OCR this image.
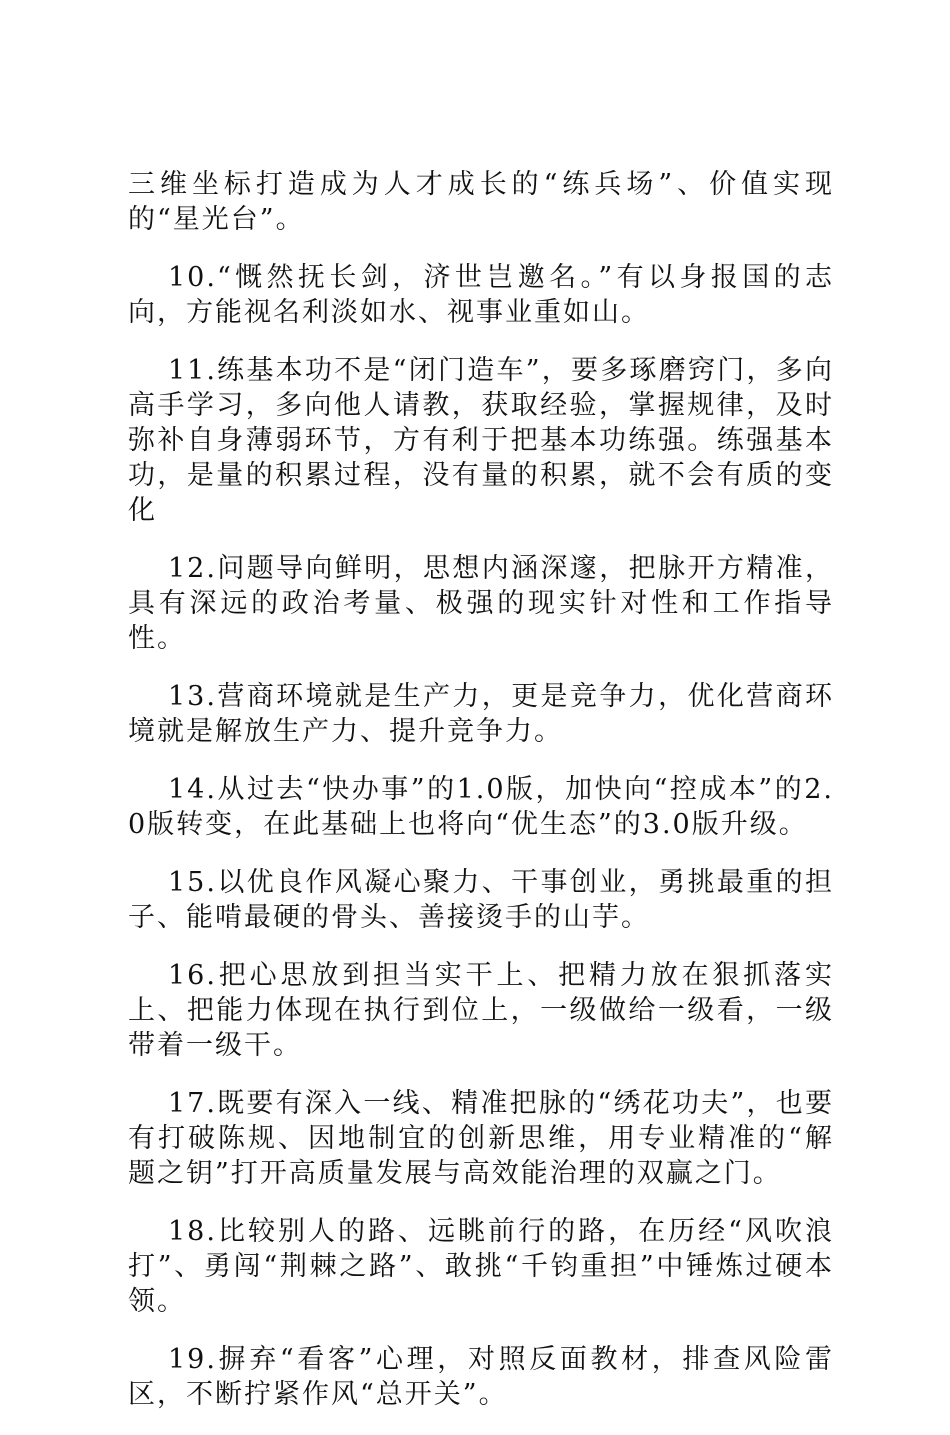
三维坐标打造成为人才成长的“练兵场”、价值实现的“星光台”。

10.“慨然抚长剑，济世岂邀名。”有以身报国的志向，方能视名利淡如水、视事业重如山。

11.练基本功不是“闭门造车”，要多琢磨窍门，多向高手学习，多向他人请教，获取经验，掌握规律，及时弥补自身薄弱环节，方有利于把基本功练强。练强基本功，是量的积累过程，没有量的积累，就不会有质的变化

12.问题导向鲜明，思想内涵深邃，把脉开方精准，具有深远的政治考量、极强的现实针对性和工作指导性。

13.营商环境就是生产力，更是竞争力，优化营商环境就是解放生产力、提升竞争力。

14.从过去“快办事”的1.0版，加快向“控成本”的2.0版转变，在此基础上也将向“优生态”的3.0版升级。

15.以优良作风凝心聚力、干事创业，勇挑最重的担子、能啃最硬的骨头、善接烫手的山芋。

16.把心思放到担当实干上、把精力放在狠抓落实上、把能力体现在执行到位上，一级做给一级看，一级带着一级干。

17.既要有深入一线、精准把脉的“绣花功夫”，也要有打破陈规、因地制宜的创新思维，用专业精准的“解题之钥”打开高质量发展与高效能治理的双赢之门。

18.比较别人的路、远眺前行的路，在历经“风吹浪打”、勇闯“荆棘之路”、敢挑“千钧重担”中锤炼过硬本领。

19.摒弃“看客”心理，对照反面教材，排查风险雷区，不断拧紧作风“总开关”。
